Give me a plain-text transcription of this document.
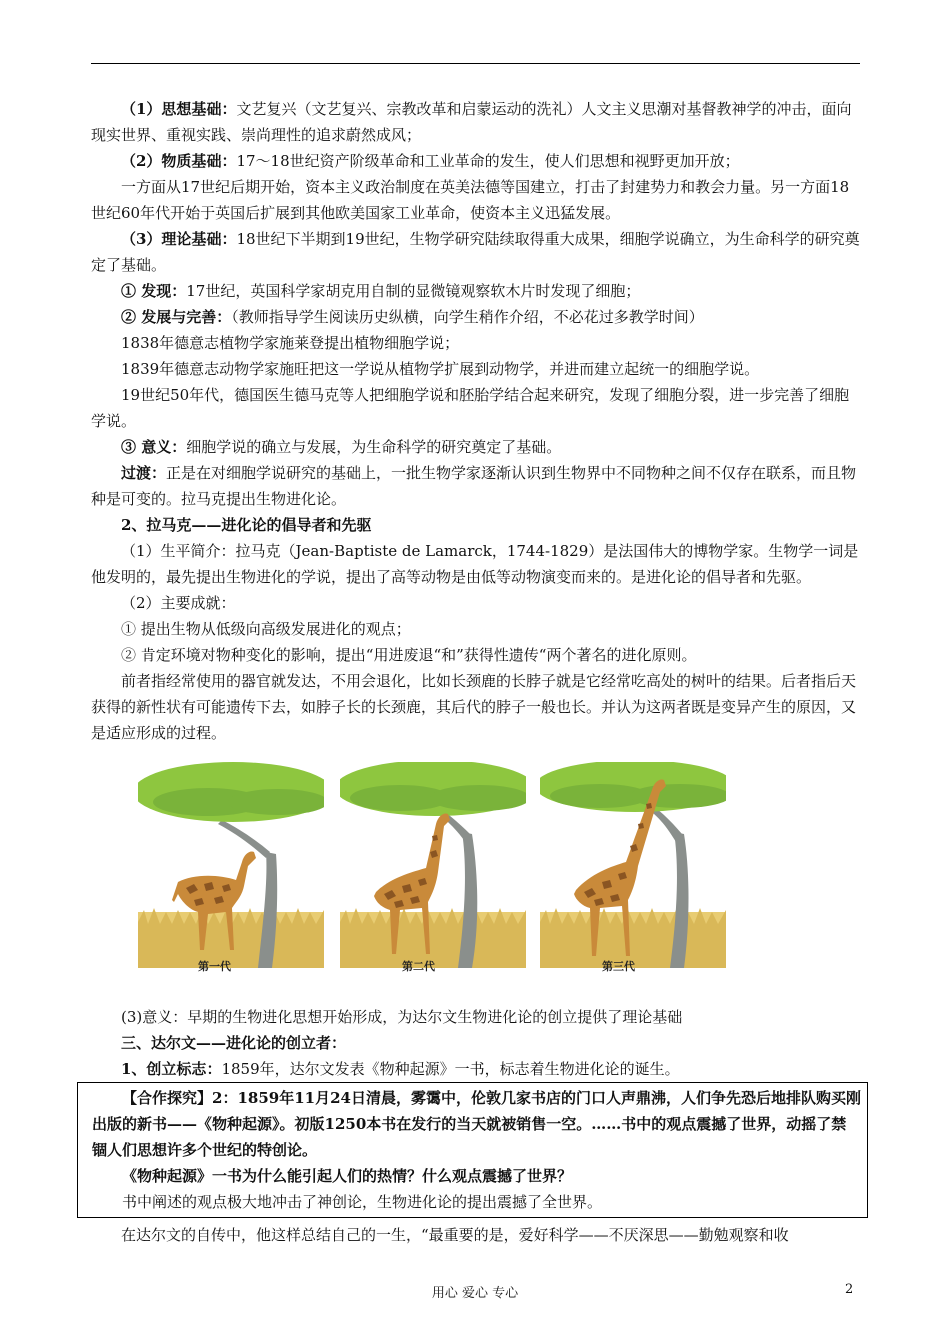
（1）思想基础：文艺复兴（文艺复兴、宗教改革和启蒙运动的洗礼）人文主义思潮对基督教神学的冲击，面向现实世界、重视实践、崇尚理性的追求蔚然成风；

（2）物质基础：17～18世纪资产阶级革命和工业革命的发生，使人们思想和视野更加开放；

一方面从17世纪后期开始，资本主义政治制度在英美法德等国建立，打击了封建势力和教会力量。另一方面18世纪60年代开始于英国后扩展到其他欧美国家工业革命，使资本主义迅猛发展。

（3）理论基础：18世纪下半期到19世纪，生物学研究陆续取得重大成果，细胞学说确立，为生命科学的研究奠定了基础。

① 发现：17世纪，英国科学家胡克用自制的显微镜观察软木片时发现了细胞；

② 发展与完善：（教师指导学生阅读历史纵横，向学生稍作介绍，不必花过多教学时间）

1838年德意志植物学家施莱登提出植物细胞学说；

1839年德意志动物学家施旺把这一学说从植物学扩展到动物学，并进而建立起统一的细胞学说。

19世纪50年代，德国医生德马克等人把细胞学说和胚胎学结合起来研究，发现了细胞分裂，进一步完善了细胞学说。

③ 意义：细胞学说的确立与发展，为生命科学的研究奠定了基础。

过渡：正是在对细胞学说研究的基础上，一批生物学家逐渐认识到生物界中不同物种之间不仅存在联系，而且物种是可变的。拉马克提出生物进化论。

2、拉马克——进化论的倡导者和先驱

（1）生平简介：拉马克（Jean-Baptiste de Lamarck，1744-1829）是法国伟大的博物学家。生物学一词是他发明的，最先提出生物进化的学说，提出了高等动物是由低等动物演变而来的。是进化论的倡导者和先驱。

（2）主要成就：

① 提出生物从低级向高级发展进化的观点；

② 肯定环境对物种变化的影响，提出“用进废退“和”获得性遗传“两个著名的进化原则。

前者指经常使用的器官就发达，不用会退化，比如长颈鹿的长脖子就是它经常吃高处的树叶的结果。后者指后天获得的新性状有可能遗传下去，如脖子长的长颈鹿，其后代的脖子一般也长。并认为这两者既是变异产生的原因，又是适应形成的过程。

第一代	第二代	第三代

(3)意义：早期的生物进化思想开始形成，为达尔文生物进化论的创立提供了理论基础

三、达尔文——进化论的创立者：

1、创立标志：1859年，达尔文发表《物种起源》一书，标志着生物进化论的诞生。

【合作探究】2：1859年11月24日清晨，雾霭中，伦敦几家书店的门口人声鼎沸，人们争先恐后地排队购买刚出版的新书——《物种起源》。初版1250本书在发行的当天就被销售一空。……书中的观点震撼了世界，动摇了禁锢人们思想许多个世纪的特创论。

《物种起源》一书为什么能引起人们的热情？什么观点震撼了世界？

书中阐述的观点极大地冲击了神创论，生物进化论的提出震撼了全世界。

在达尔文的自传中，他这样总结自己的一生，“最重要的是，爱好科学——不厌深思——勤勉观察和收

用心 爱心 专心	2
